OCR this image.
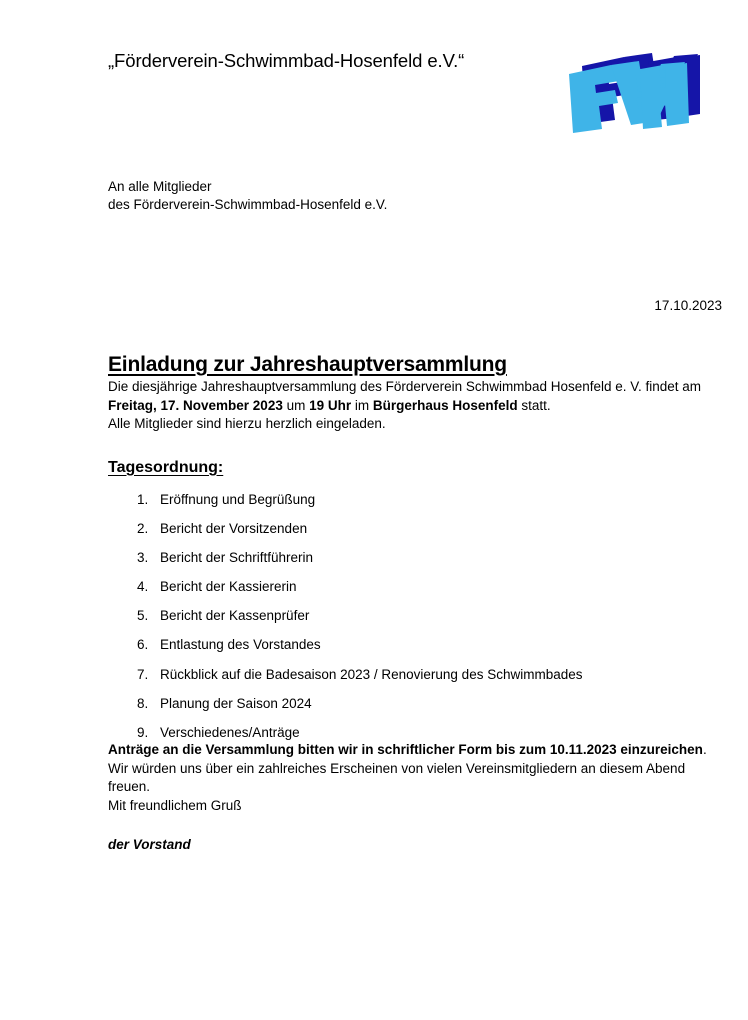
„Förderverein-Schwimmbad-Hosenfeld e.V.“
An alle Mitglieder
des Förderverein-Schwimmbad-Hosenfeld e.V.
17.10.2023
Einladung zur Jahreshauptversammlung

Die diesjährige Jahreshauptversammlung des Förderverein Schwimmbad Hosenfeld e. V. findet am Freitag, 17. November 2023 um 19 Uhr im Bürgerhaus Hosenfeld statt.

Alle Mitglieder sind hierzu herzlich eingeladen.

Tagesordnung:
1. Eröffnung und Begrüßung
2. Bericht der Vorsitzenden
3. Bericht der Schriftführerin
4. Bericht der Kassiererin
5. Bericht der Kassenprüfer
6. Entlastung des Vorstandes
7. Rückblick auf die Badesaison 2023 / Renovierung des Schwimmbades
8. Planung der Saison 2024
9. Verschiedenes/Anträge

Anträge an die Versammlung bitten wir in schriftlicher Form bis zum 10.11.2023 einzureichen.

Wir würden uns über ein zahlreiches Erscheinen von vielen Vereinsmitgliedern an diesem Abend freuen.

Mit freundlichem Gruß

der Vorstand
